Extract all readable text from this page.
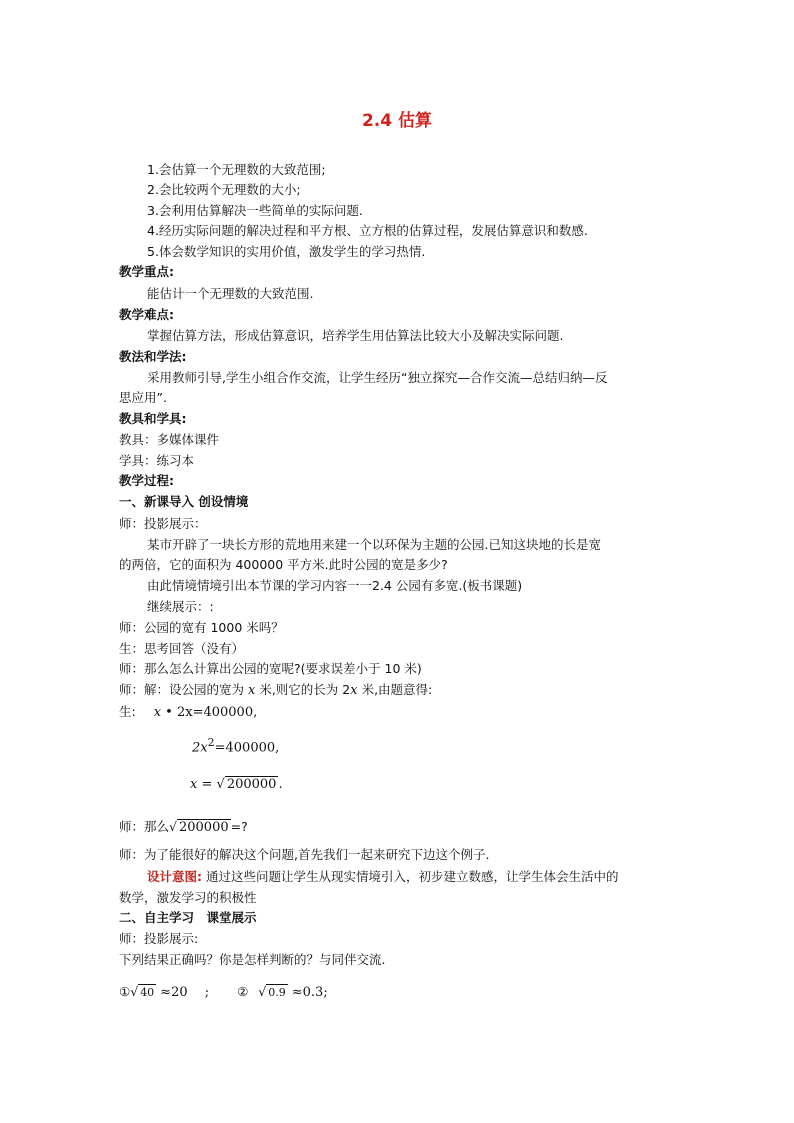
2.4 估算
1.会估算一个无理数的大致范围;
2.会比较两个无理数的大小;
3.会利用估算解决一些简单的实际问题.
4.经历实际问题的解决过程和平方根、立方根的估算过程，发展估算意识和数感.
5.体会数学知识的实用价值，激发学生的学习热情.
教学重点:
能估计一个无理数的大致范围.
教学难点:
掌握估算方法，形成估算意识，培养学生用估算法比较大小及解决实际问题.
教法和学法:
采用教师引导,学生小组合作交流，让学生经历“独立探究—合作交流—总结归纳—反
思应用”.
教具和学具:
教具：多媒体课件
学具：练习本
教学过程:
一、新课导入 创设情境
师：投影展示：
某市开辟了一块长方形的荒地用来建一个以环保为主题的公园.已知这块地的长是宽
的两倍，它的面积为 400000 平方米.此时公园的宽是多少?
由此情境情境引出本节课的学习内容一一2.4 公园有多宽.(板书课题)
继续展示：:
师：公园的宽有 1000 米吗？
生：思考回答（没有）
师：那么怎么计算出公园的宽呢?(要求误差小于 10 米)
师：解：设公园的宽为 x 米,则它的长为 2x 米,由题意得:
生: x • 2x=400000,
$2x^2=400000$,
x = √ 200000 .
师：那么√ 200000 =?
师：为了能很好的解决这个问题,首先我们一起来研究下边这个例子.
设计意图: 通过这些问题让学生从现实情境引入，初步建立数感，让学生体会生活中的
数学，激发学习的积极性
二、自主学习　课堂展示
师：投影展示:
下列结果正确吗？你是怎样判断的？与同伴交流.
①√ 40 ≈20　 ; ② √ 0.9 ≈0.3;
